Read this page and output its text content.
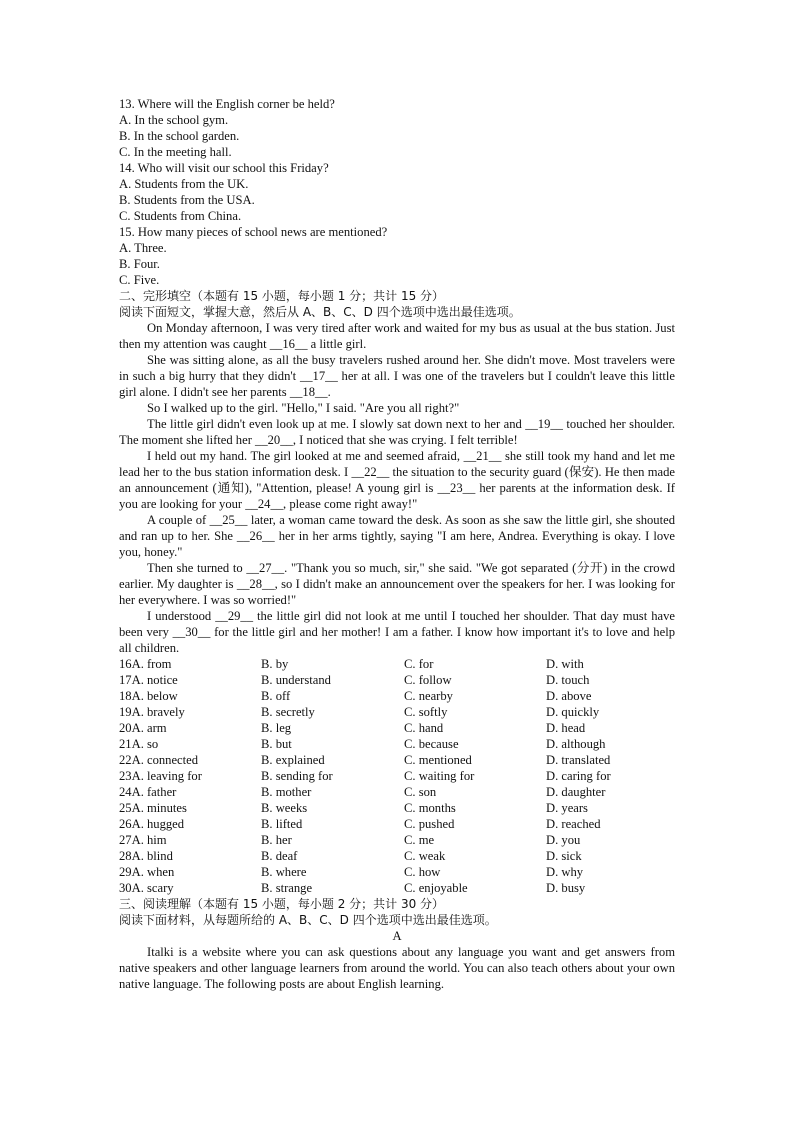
13. Where will the English corner be held?
A. In the school gym.
B. In the school garden.
C. In the meeting hall.
14. Who will visit our school this Friday?
A. Students from the UK.
B. Students from the USA.
C. Students from China.
15. How many pieces of school news are mentioned?
A. Three.
B. Four.
C. Five.
二、完形填空（本题有 15 小题，每小题 1 分；共计 15 分）
阅读下面短文，掌握大意，然后从 A、B、C、D 四个选项中选出最佳选项。

On Monday afternoon, I was very tired after work and waited for my bus as usual at the bus station. Just then my attention was caught __16__ a little girl.

She was sitting alone, as all the busy travelers rushed around her. She didn't move. Most travelers were in such a big hurry that they didn't __17__ her at all. I was one of the travelers but I couldn't leave this little girl alone. I didn't see her parents __18__.

So I walked up to the girl. "Hello," I said. "Are you all right?"

The little girl didn't even look up at me. I slowly sat down next to her and __19__ touched her shoulder. The moment she lifted her __20__, I noticed that she was crying. I felt terrible!

I held out my hand. The girl looked at me and seemed afraid, __21__ she still took my hand and let me lead her to the bus station information desk. I __22__ the situation to the security guard (保安). He then made an announcement (通知), "Attention, please! A young girl is __23__ her parents at the information desk. If you are looking for your __24__, please come right away!"

A couple of __25__ later, a woman came toward the desk. As soon as she saw the little girl, she shouted and ran up to her. She __26__ her in her arms tightly, saying "I am here, Andrea. Everything is okay. I love you, honey."

Then she turned to __27__. "Thank you so much, sir," she said. "We got separated (分开) in the crowd earlier. My daughter is __28__, so I didn't make an announcement over the speakers for her. I was looking for her everywhere. I was so worried!"

I understood __29__ the little girl did not look at me until I touched her shoulder. That day must have been very __30__ for the little girl and her mother! I am a father. I know how important it's to love and help all children.

16A. from	B. by	C. for	D. with
17A. notice	B. understand	C. follow	D. touch
18A. below	B. off	C. nearby	D. above
19A. bravely	B. secretly	C. softly	D. quickly
20A. arm	B. leg	C. hand	D. head
21A. so	B. but	C. because	D. although
22A. connected	B. explained	C. mentioned	D. translated
23A. leaving for	B. sending for	C. waiting for	D. caring for
24A. father	B. mother	C. son	D. daughter
25A. minutes	B. weeks	C. months	D. years
26A. hugged	B. lifted	C. pushed	D. reached
27A. him	B. her	C. me	D. you
28A. blind	B. deaf	C. weak	D. sick
29A. when	B. where	C. how	D. why
30A. scary	B. strange	C. enjoyable	D. busy
三、阅读理解（本题有 15 小题，每小题 2 分；共计 30 分）
阅读下面材料，从每题所给的 A、B、C、D 四个选项中选出最佳选项。
A

Italki is a website where you can ask questions about any language you want and get answers from native speakers and other language learners from around the world. You can also teach others about your own native language. The following posts are about English learning.
